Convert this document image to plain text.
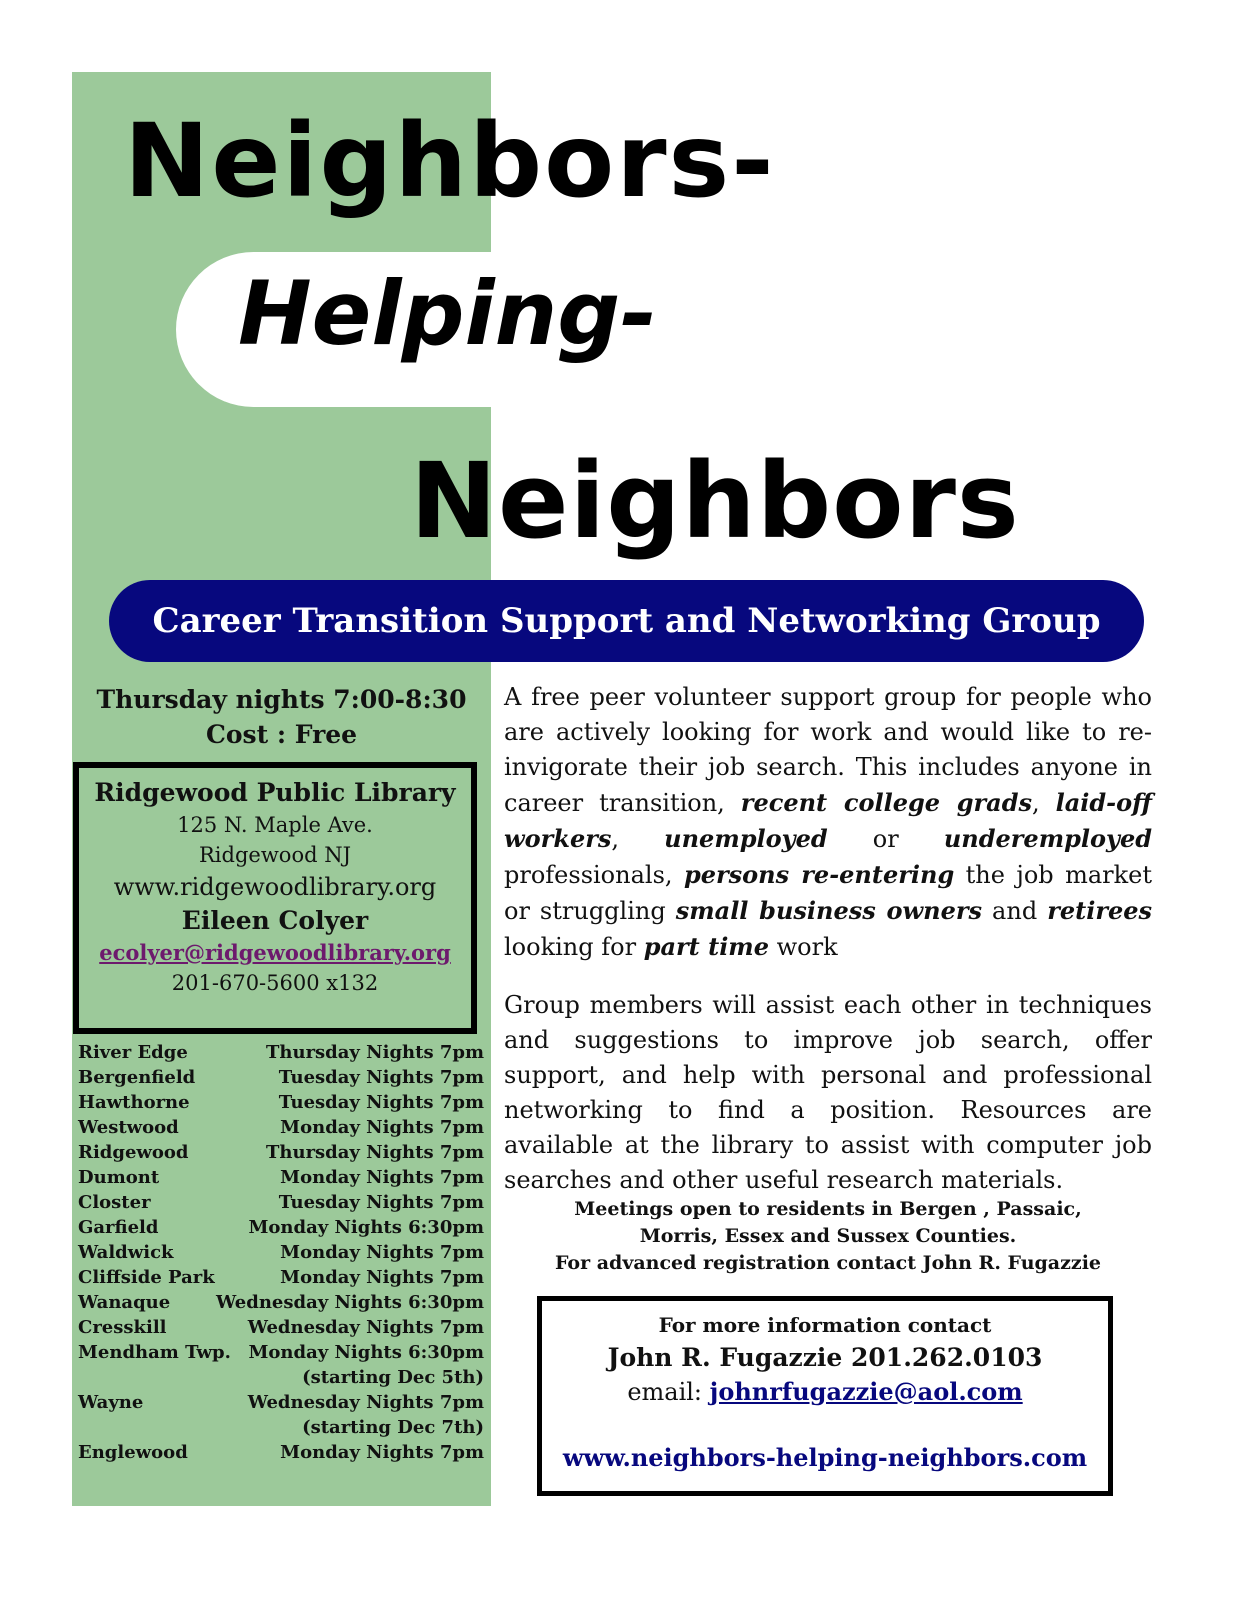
Neighbors-
Helping-
Neighbors
Career Transition Support and Networking Group
Thursday nights 7:00-8:30
Cost : Free
Ridgewood Public Library
125 N. Maple Ave.
Ridgewood NJ
www.ridgewoodlibrary.org
Eileen Colyer
ecolyer@ridgewoodlibrary.org
201-670-5600 x132
River Edge	Thursday Nights 7pm
Bergenfield	Tuesday Nights 7pm
Hawthorne	Tuesday Nights 7pm
Westwood	Monday Nights 7pm
Ridgewood	Thursday Nights 7pm
Dumont	Monday Nights 7pm
Closter	Tuesday Nights 7pm
Garfield	Monday Nights 6:30pm
Waldwick	Monday Nights 7pm
Cliffside Park	Monday Nights 7pm
Wanaque	Wednesday Nights 6:30pm
Cresskill	Wednesday Nights 7pm
Mendham Twp. Monday Nights 6:30pm
(starting Dec 5th)
Wayne	Wednesday Nights 7pm
(starting Dec 7th)
Englewood	Monday Nights 7pm
A free peer volunteer support group for people who are actively looking for work and would like to re-invigorate their job search. This includes anyone in career transition, recent college grads, laid-off workers, unemployed or underemployed professionals, persons re-entering the job market or struggling small business owners and retirees looking for part time work
Group members will assist each other in techniques and suggestions to improve job search, offer support, and help with personal and professional networking to find a position. Resources are available at the library to assist with computer job searches and other useful research materials.
Meetings open to residents in Bergen , Passaic,
Morris, Essex and Sussex Counties.
For advanced registration contact John R. Fugazzie
For more information contact
John R. Fugazzie 201.262.0103
email: johnrfugazzie@aol.com
www.neighbors-helping-neighbors.com
